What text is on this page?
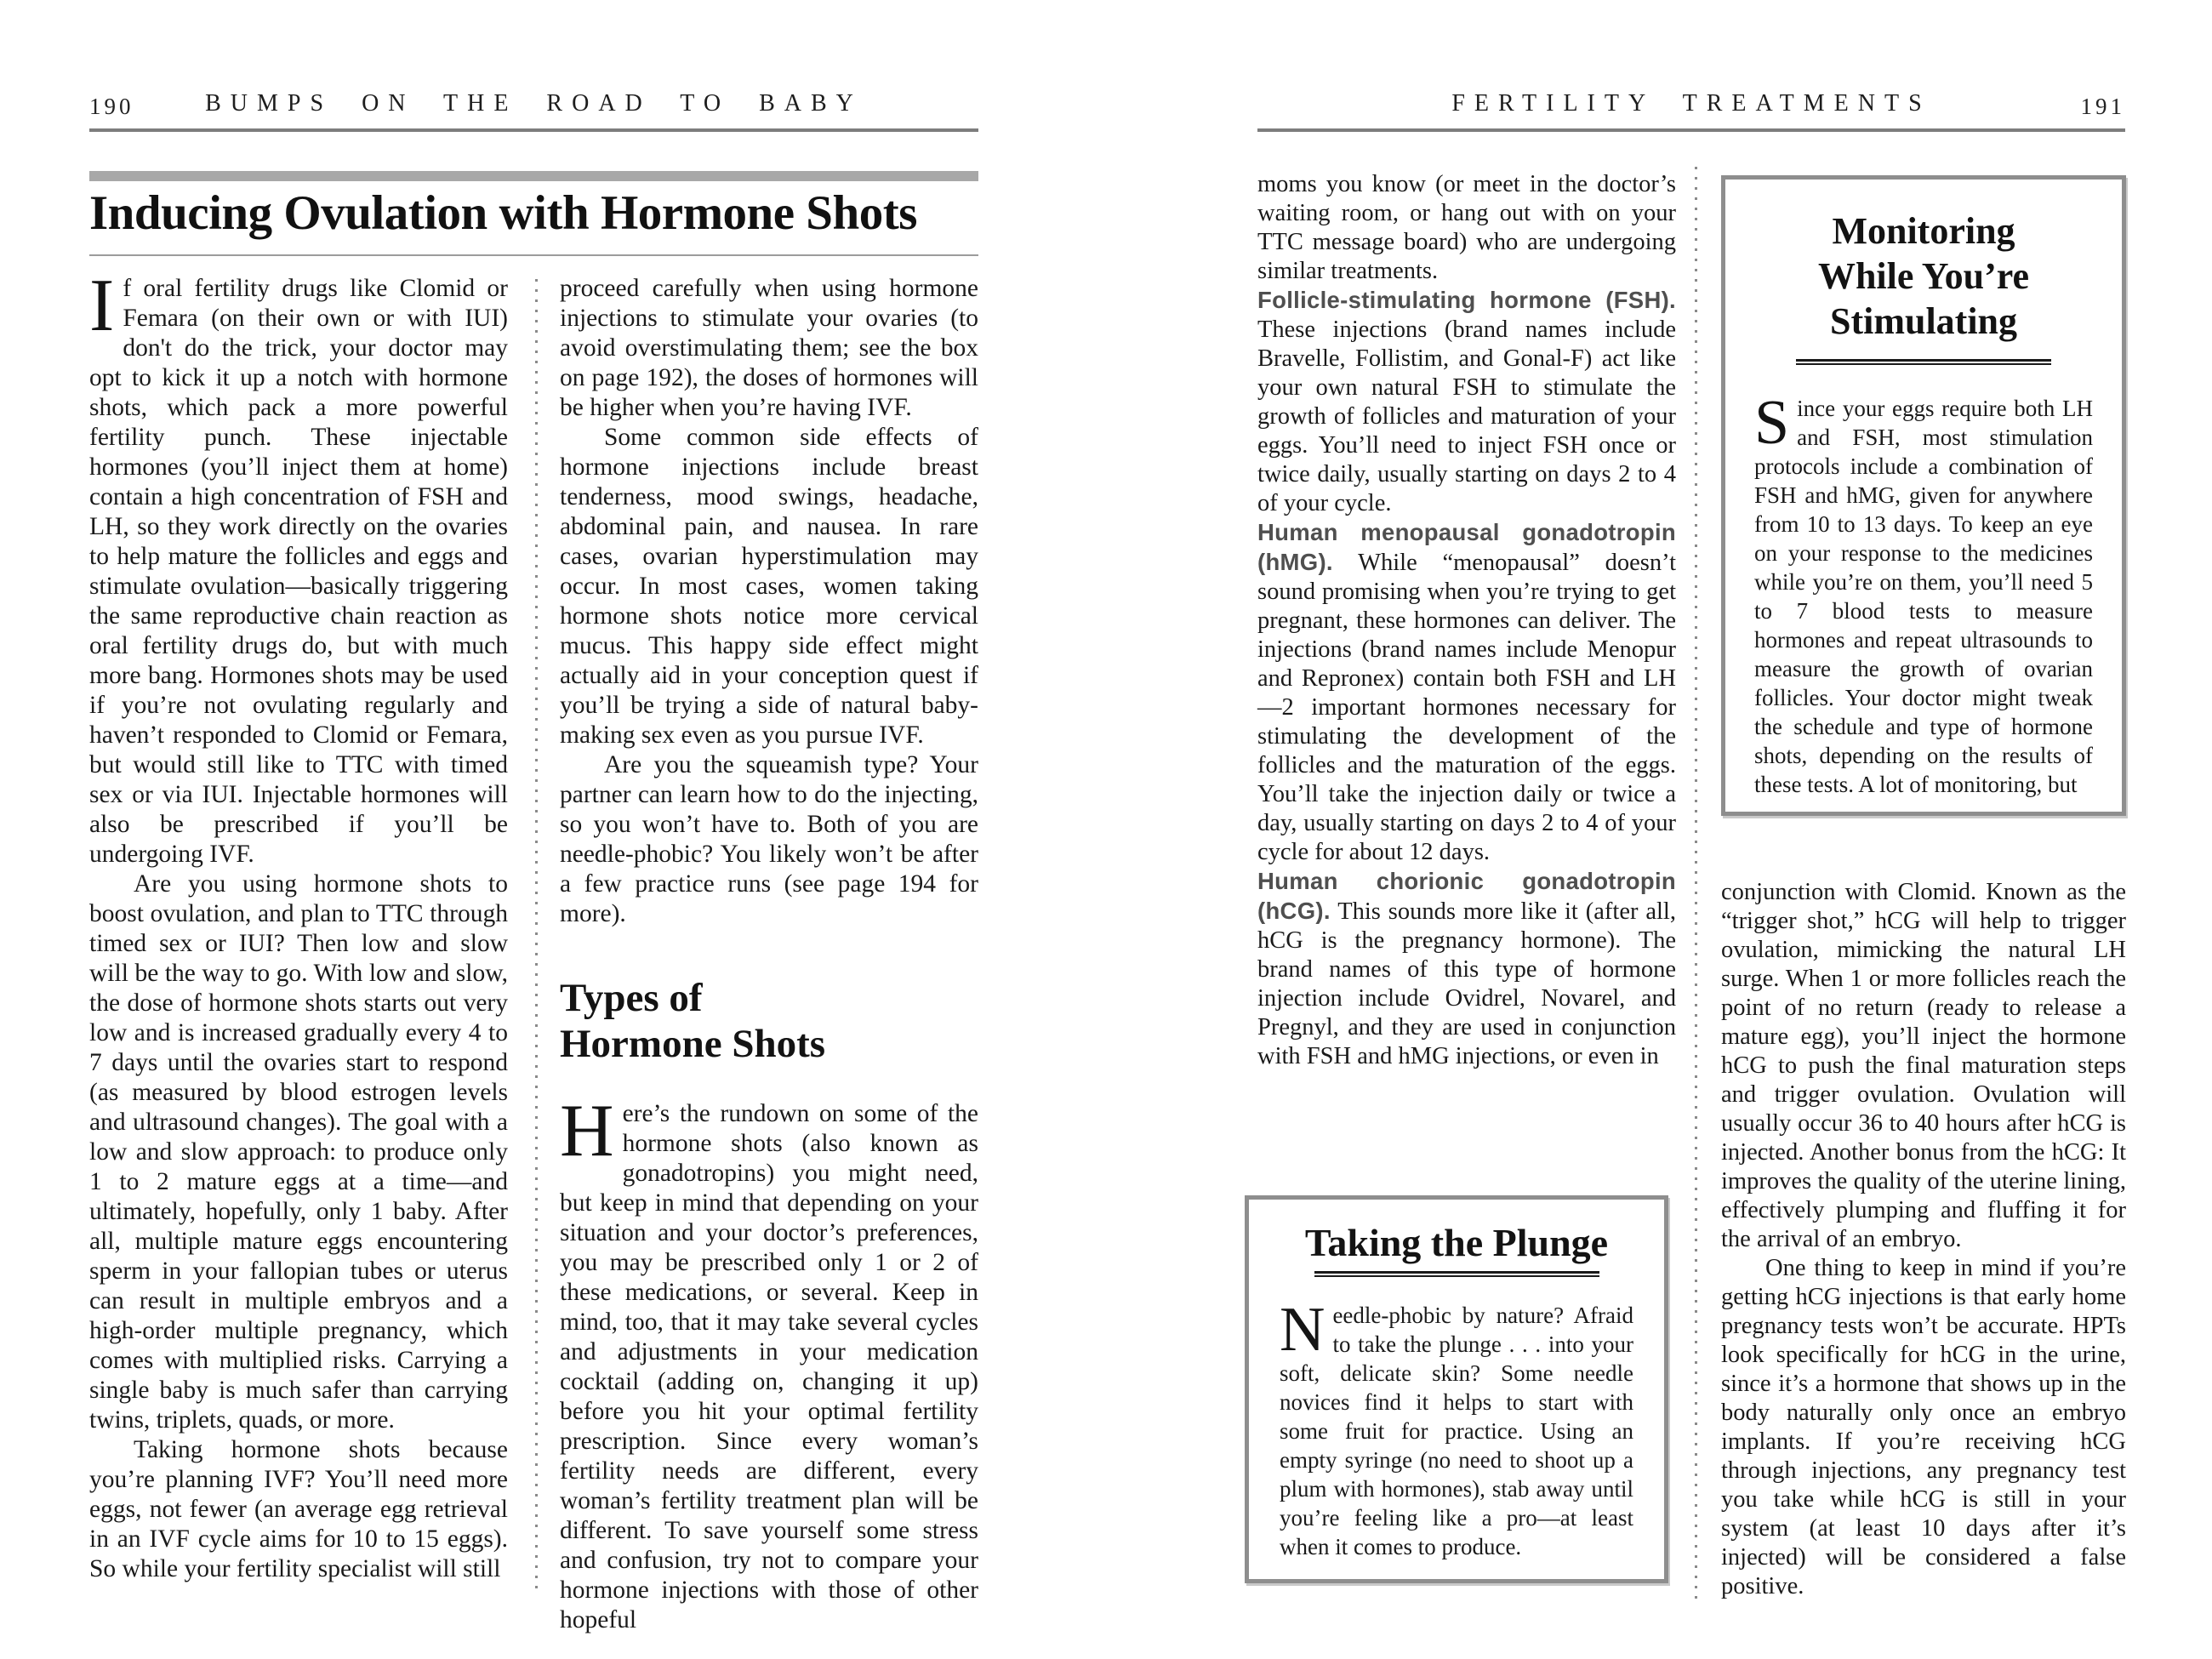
190	BUMPS ON THE ROAD TO BABY
Inducing Ovulation with Hormone Shots

If oral fertility drugs like Clomid or Femara (on their own or with IUI) don't do the trick, your doctor may opt to kick it up a notch with hormone shots, which pack a more powerful fertility punch. These injectable hormones (you’ll inject them at home) contain a high concentration of FSH and LH, so they work directly on the ovaries to help mature the follicles and eggs and stimulate ovulation—basically triggering the same reproductive chain reaction as oral fertility drugs do, but with much more bang. Hormones shots may be used if you’re not ovulating regularly and haven’t responded to Clomid or Femara, but would still like to TTC with timed sex or via IUI. Injectable hormones will also be prescribed if you’ll be undergoing IVF.

Are you using hormone shots to boost ovulation, and plan to TTC through timed sex or IUI? Then low and slow will be the way to go. With low and slow, the dose of hormone shots starts out very low and is increased gradually every 4 to 7 days until the ovaries start to respond (as measured by blood estrogen levels and ultrasound changes). The goal with a low and slow approach: to produce only 1 to 2 mature eggs at a time—and ultimately, hopefully, only 1 baby. After all, multiple mature eggs encountering sperm in your fallopian tubes or uterus can result in multiple embryos and a high-order multiple pregnancy, which comes with multiplied risks. Carrying a single baby is much safer than carrying twins, triplets, quads, or more.

Taking hormone shots because you’re planning IVF? You’ll need more eggs, not fewer (an average egg retrieval in an IVF cycle aims for 10 to 15 eggs). So while your fertility specialist will still

proceed carefully when using hormone injections to stimulate your ovaries (to avoid overstimulating them; see the box on page 192), the doses of hormones will be higher when you’re having IVF.

Some common side effects of hormone injections include breast tenderness, mood swings, headache, abdominal pain, and nausea. In rare cases, ovarian hyperstimulation may occur. In most cases, women taking hormone shots notice more cervical mucus. This happy side effect might actually aid in your conception quest if you’ll be trying a side of natural baby-making sex even as you pursue IVF.

Are you the squeamish type? Your partner can learn how to do the injecting, so you won’t have to. Both of you are needle-phobic? You likely won’t be after a few practice runs (see page 194 for more).

Types of
Hormone Shots

Here’s the rundown on some of the hormone shots (also known as gonadotropins) you might need, but keep in mind that depending on your situation and your doctor’s preferences, you may be prescribed only 1 or 2 of these medications, or several. Keep in mind, too, that it may take several cycles and adjustments in your medication cocktail (adding on, changing it up) before you hit your optimal fertility prescription. Since every woman’s fertility needs are different, every woman’s fertility treatment plan will be different. To save yourself some stress and confusion, try not to compare your hormone injections with those of other hopeful

191
FERTILITY TREATMENTS

moms you know (or meet in the doctor’s waiting room, or hang out with on your TTC message board) who are undergoing similar treatments.

Follicle-stimulating hormone (FSH). These injections (brand names include Bravelle, Follistim, and Gonal-F) act like your own natural FSH to stimulate the growth of follicles and maturation of your eggs. You’ll need to inject FSH once or twice daily, usually starting on days 2 to 4 of your cycle.

Human menopausal gonadotropin (hMG). While “menopausal” doesn’t sound promising when you’re trying to get pregnant, these hormones can deliver. The injections (brand names include Menopur and Repronex) contain both FSH and LH—2 important hormones necessary for stimulating the development of the follicles and the maturation of the eggs. You’ll take the injection daily or twice a day, usually starting on days 2 to 4 of your cycle for about 12 days.

Human chorionic gonadotropin (hCG). This sounds more like it (after all, hCG is the pregnancy hormone). The brand names of this type of hormone injection include Ovidrel, Novarel, and Pregnyl, and they are used in conjunction with FSH and hMG injections, or even in

Taking the Plunge

Needle-phobic by nature? Afraid to take the plunge . . . into your soft, delicate skin? Some needle novices find it helps to start with some fruit for practice. Using an empty syringe (no need to shoot up a plum with hormones), stab away until you’re feeling like a pro—at least when it comes to produce.

Monitoring
While You’re
Stimulating

Since your eggs require both LH and FSH, most stimulation protocols include a combination of FSH and hMG, given for anywhere from 10 to 13 days. To keep an eye on your response to the medicines while you’re on them, you’ll need 5 to 7 blood tests to measure hormones and repeat ultrasounds to measure the growth of ovarian follicles. Your doctor might tweak the schedule and type of hormone shots, depending on the results of these tests. A lot of monitoring, but

conjunction with Clomid. Known as the “trigger shot,” hCG will help to trigger ovulation, mimicking the natural LH surge. When 1 or more follicles reach the point of no return (ready to release a mature egg), you’ll inject the hormone hCG to push the final maturation steps and trigger ovulation. Ovulation will usually occur 36 to 40 hours after hCG is injected. Another bonus from the hCG: It improves the quality of the uterine lining, effectively plumping and fluffing it for the arrival of an embryo.

One thing to keep in mind if you’re getting hCG injections is that early home pregnancy tests won’t be accurate. HPTs look specifically for hCG in the urine, since it’s a hormone that shows up in the body naturally only once an embryo implants. If you’re receiving hCG through injections, any pregnancy test you take while hCG is still in your system (at least 10 days after it’s injected) will be considered a false positive.
